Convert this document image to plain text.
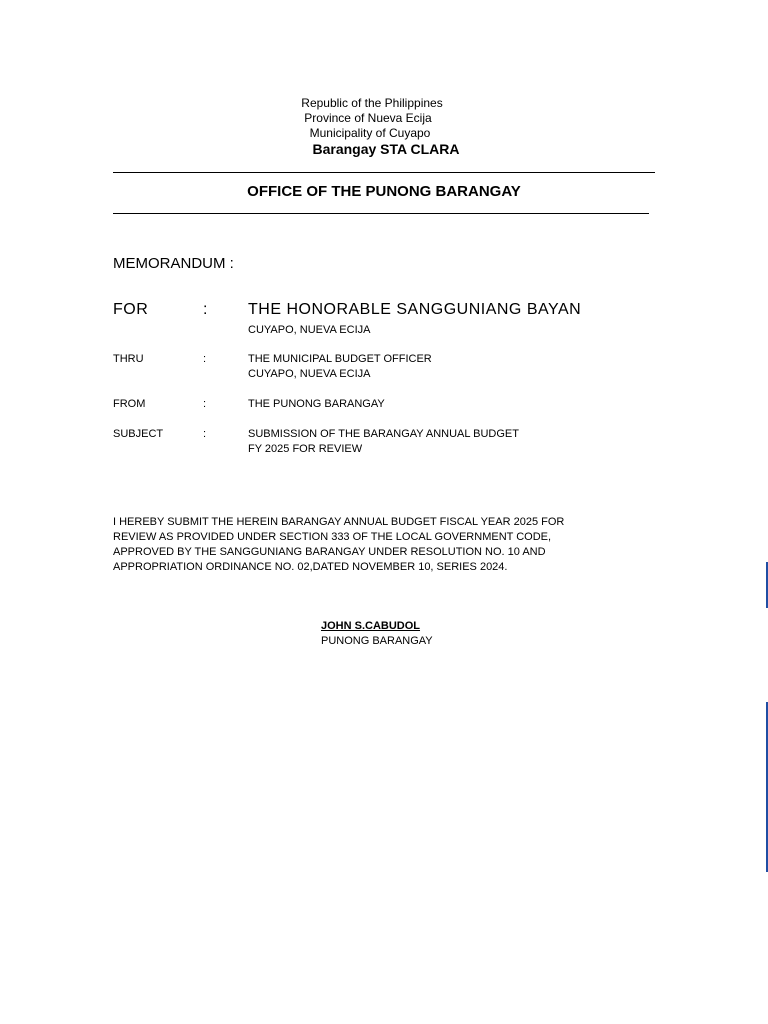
Republic of the Philippines
Province of Nueva Ecija
Municipality of Cuyapo
Barangay STA CLARA
OFFICE OF THE PUNONG BARANGAY
MEMORANDUM :
FOR	:	THE HONORABLE SANGGUNIANG BAYAN
CUYAPO, NUEVA ECIJA
THRU	:	THE MUNICIPAL BUDGET OFFICER
CUYAPO, NUEVA ECIJA
FROM	:	THE PUNONG BARANGAY
SUBJECT	:	SUBMISSION OF THE BARANGAY ANNUAL BUDGET
FY 2025 FOR REVIEW
I HEREBY SUBMIT THE HEREIN BARANGAY ANNUAL BUDGET FISCAL YEAR 2025 FOR
REVIEW AS PROVIDED UNDER SECTION 333 OF THE LOCAL GOVERNMENT CODE,
APPROVED BY THE SANGGUNIANG BARANGAY UNDER RESOLUTION NO. 10 AND
APPROPRIATION ORDINANCE NO. 02,DATED NOVEMBER 10, SERIES 2024.
JOHN S.CABUDOL
PUNONG BARANGAY
